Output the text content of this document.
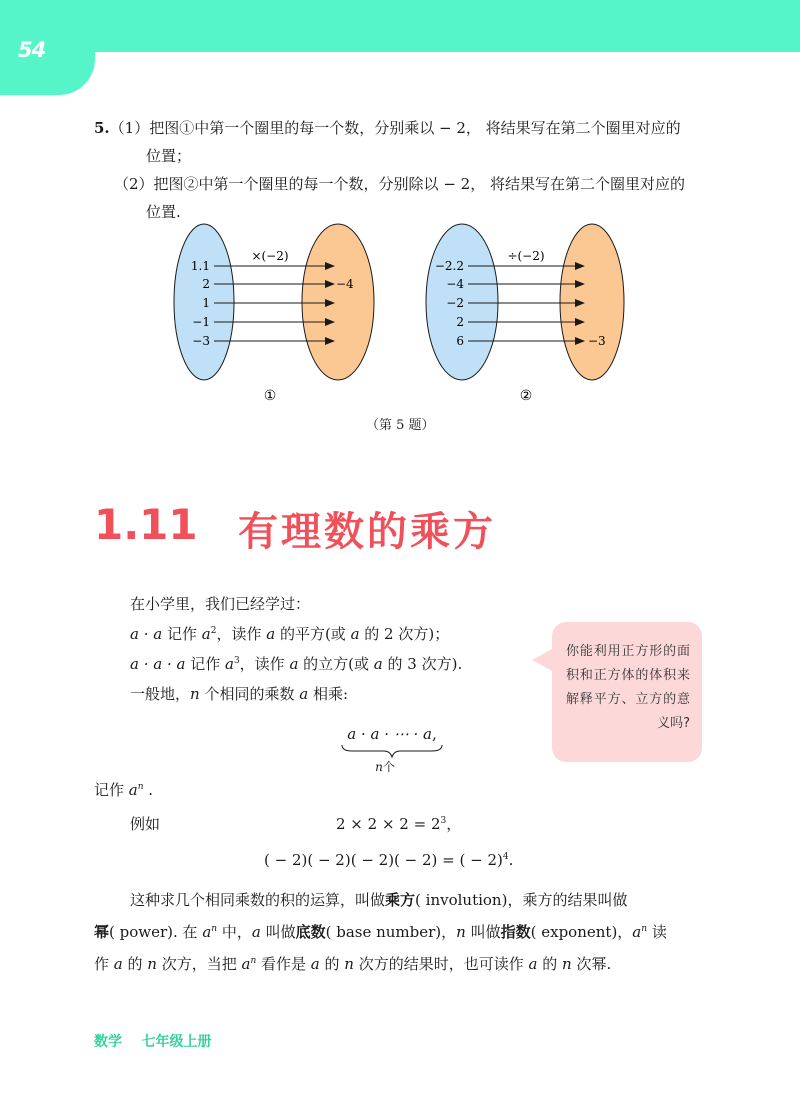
54
5.（1）把图①中第一个圈里的每一个数，分别乘以 − 2， 将结果写在第二个圈里对应的
位置；
（2）把图②中第一个圈里的每一个数，分别除以 − 2， 将结果写在第二个圈里对应的
位置.
×(−2)
1.1
2	−4
1
−1
−3
①
÷(−2)
−2.2
−4
−2
2
6	−3
②
（第 5 题）
1.11 有理数的乘方
在小学里，我们已经学过：
a · a 记作 $a^2$，读作 a 的平方(或 a 的 2 次方)；
a · a · a 记作 $a^3$，读作 a 的立方(或 a 的 3 次方).
一般地，n 个相同的乘数 a 相乘:
a · a · ⋯ · a,
n个
你能利用正方形的面积和正方体的体积来解释平方、立方的意义吗?
记作 $a^n$ .
例如	$2 \times 2 \times 2 = 2^3$，
( − 2)( − 2)( − 2)( − 2) = ( − 2)$^4$.
这种求几个相同乘数的积的运算，叫做乘方( involution)，乘方的结果叫做
幂( power). 在 $a^n$ 中，a 叫做底数( base number)，n 叫做指数( exponent)，$a^n$ 读
作 a 的 n 次方，当把 $a^n$ 看作是 a 的 n 次方的结果时，也可读作 a 的 n 次幂.
数学    七年级上册
